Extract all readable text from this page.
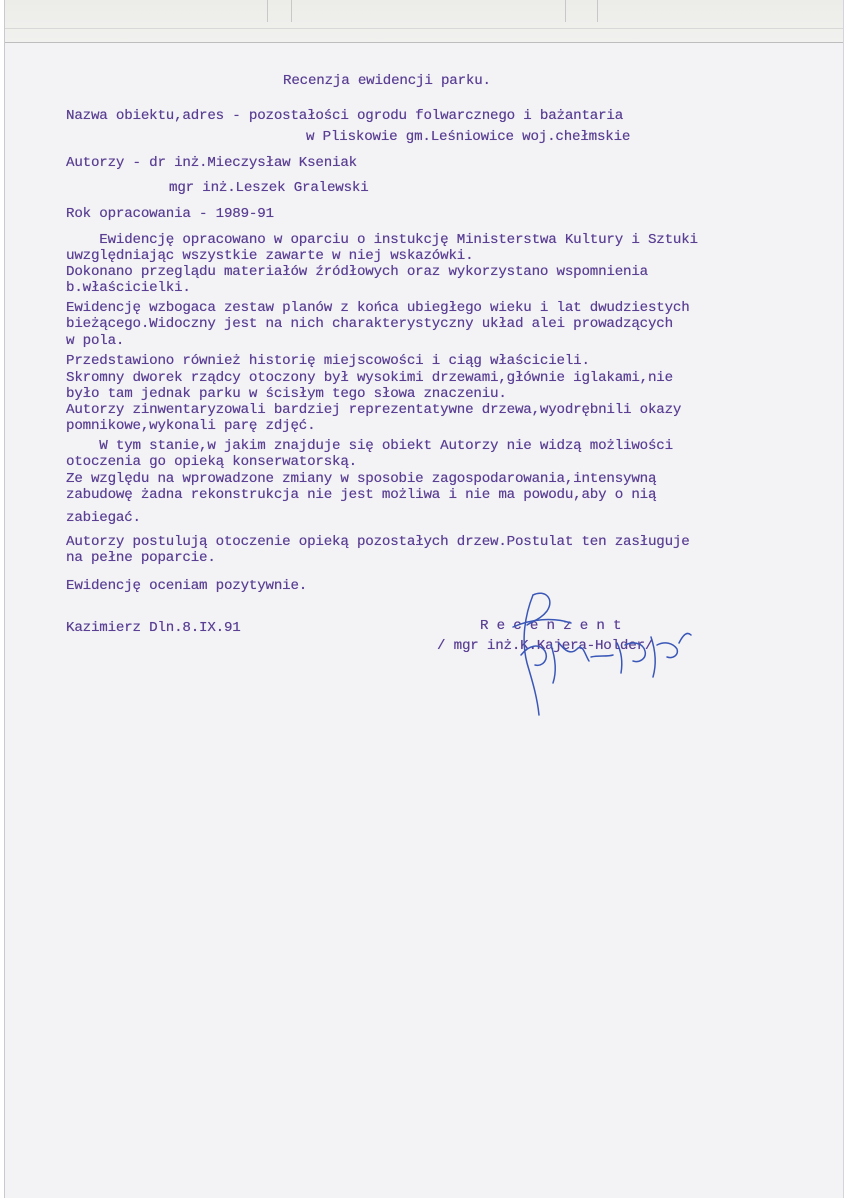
Recenzja ewidencji parku.

Nazwa obiektu,adres - pozostałości ogrodu folwarcznego i bażantaria

w Pliskowie gm.Leśniowice woj.chełmskie

Autorzy - dr inż.Mieczysław Kseniak

mgr inż.Leszek Gralewski

Rok opracowania - 1989-91

Ewidencję opracowano w oparciu o instukcję Ministerstwa Kultury i Sztuki

uwzględniając wszystkie zawarte w niej wskazówki.

Dokonano przeglądu materiałów źródłowych oraz wykorzystano wspomnienia

b.właścicielki.

Ewidencję wzbogaca zestaw planów z końca ubiegłego wieku i lat dwudziestych

bieżącego.Widoczny jest na nich charakterystyczny układ alei prowadzących

w pola.

Przedstawiono również historię miejscowości i ciąg właścicieli.

Skromny dworek rządcy otoczony był wysokimi drzewami,głównie iglakami,nie

było tam jednak parku w ścisłym tego słowa znaczeniu.

Autorzy zinwentaryzowali bardziej reprezentatywne drzewa,wyodrębnili okazy

pomnikowe,wykonali parę zdjęć.

W tym stanie,w jakim znajduje się obiekt Autorzy nie widzą możliwości

otoczenia go opieką konserwatorską.

Ze względu na wprowadzone zmiany w sposobie zagospodarowania,intensywną

zabudowę żadna rekonstrukcja nie jest możliwa i nie ma powodu,aby o nią

zabiegać.

Autorzy postulują otoczenie opieką pozostałych drzew.Postulat ten zasługuje

na pełne poparcie.

Ewidencję oceniam pozytywnie.

Kazimierz Dln.8.IX.91	R e c e n z e n t

/ mgr inż.K.Kajera-Holder/
